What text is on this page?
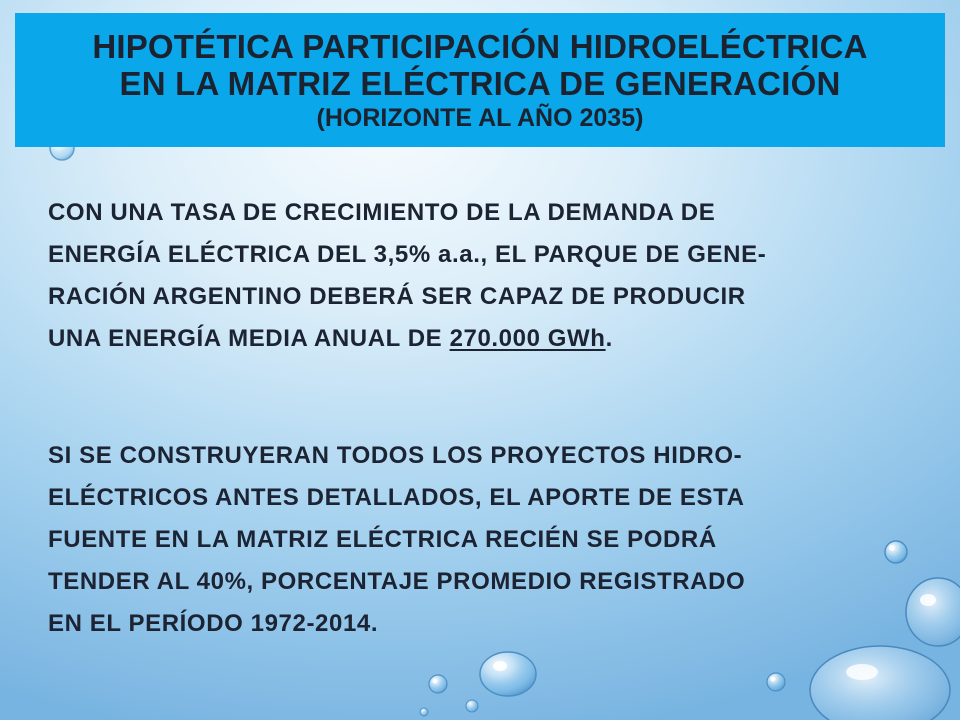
HIPOTÉTICA PARTICIPACIÓN HIDROELÉCTRICA
EN LA MATRIZ ELÉCTRICA DE GENERACIÓN
(HORIZONTE AL AÑO 2035)
CON UNA TASA DE CRECIMIENTO DE LA DEMANDA DE
ENERGÍA ELÉCTRICA DEL 3,5% a.a., EL PARQUE DE GENE-
RACIÓN ARGENTINO DEBERÁ SER CAPAZ DE PRODUCIR
UNA ENERGÍA MEDIA ANUAL DE 270.000 GWh.
SI SE CONSTRUYERAN TODOS LOS PROYECTOS HIDRO-
ELÉCTRICOS ANTES DETALLADOS, EL APORTE DE ESTA
FUENTE EN LA MATRIZ ELÉCTRICA RECIÉN SE PODRÁ
TENDER AL 40%, PORCENTAJE PROMEDIO REGISTRADO
EN EL PERÍODO 1972-2014.
